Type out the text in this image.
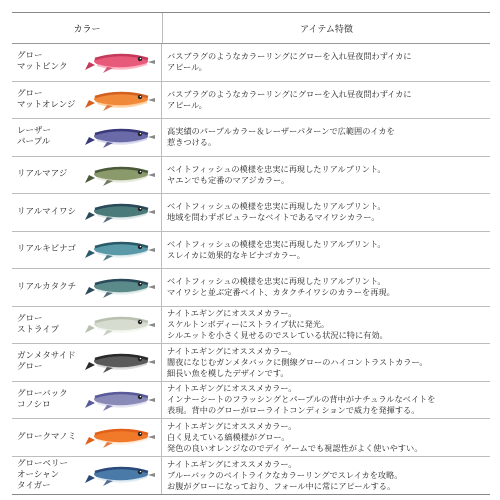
カラー	アイテム特徴
グロー
マットピンク
バスブラグのようなカラーリングにグローを入れ昼夜問わずイカに
アピール。
グロー
マットオレンジ
バスブラグのようなカラーリングにグローを入れ昼夜問わずイカに
アピール。
レーザー
パープル
高実績のパープルカラー＆レーザーパターンで広範囲のイカを
惹きつける。
リアルマアジ
ベイトフィッシュの模様を忠実に再現したリアルプリント。
ヤエンでも定番のマアジカラー。
リアルマイワシ
ベイトフィッシュの模様を忠実に再現したリアルプリント。
地域を問わずポピュラーなベイトであるマイワシカラー。
リアルキビナゴ
ベイトフィッシュの模様を忠実に再現したリアルプリント。
スレイカに効果的なキビナゴカラー。
リアルカタクチ
ベイトフィッシュの模様を忠実に再現したリアルプリント。
マイワシと並ぶ定番ベイト、カタクチイワシのカラーを再現。
グロー
ストライプ
ナイトエギングにオススメカラー。
スケルトンボディーにストライプ状に発光。
シルエットを小さく見せるのでスレている状況に特に有効。
ガンメタサイド
グロー
ナイトエギングにオススメカラー。
闇夜になじむガンメタバックに側線グローのハイコントラストカラー。
細長い魚を模したデザインです。
グローバック
コノシロ
ナイトエギングにオススメカラー。
インナーシートのフラッシングとパープルの背中がナチュラルなベイトを
表現。背中のグローがローライトコンディションで威力を発揮する。
グロークマノミ
ナイトエギングにオススメカラー。
白く見えている縞模様がグロー。
発色の良いオレンジなのでデイ ゲームでも視認性がよく使いやすい。
グローベリー
オーシャン
タイガー
ナイトエギングにオススメカラー。
ブルーバックのベイトライクなカラーリングでスレイカを攻略。
お腹がグローになっており、フォール中に常にアピールする。
